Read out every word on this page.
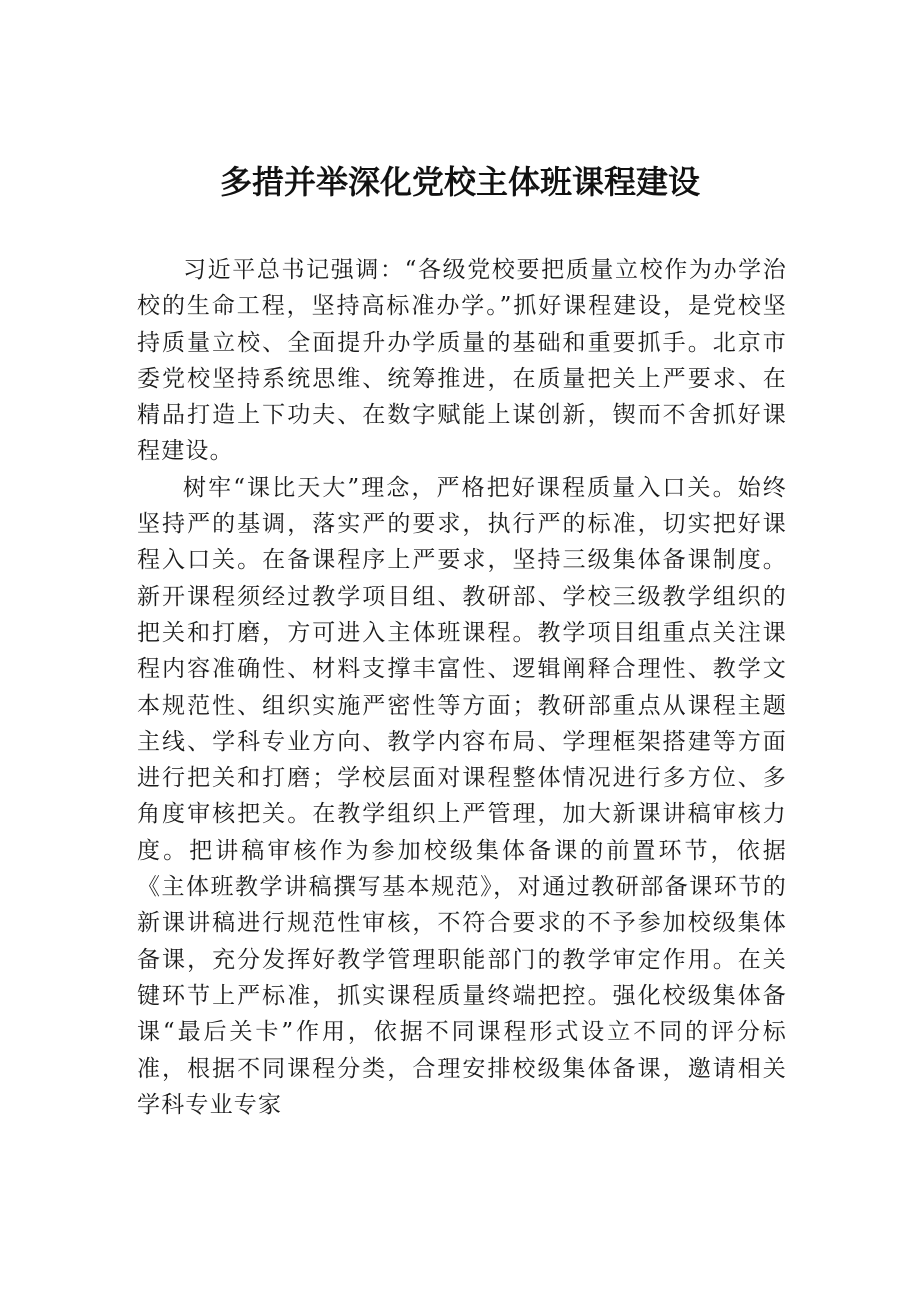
多措并举深化党校主体班课程建设

习近平总书记强调：“各级党校要把质量立校作为办学治校的生命工程，坚持高标准办学。”抓好课程建设，是党校坚持质量立校、全面提升办学质量的基础和重要抓手。北京市委党校坚持系统思维、统筹推进，在质量把关上严要求、在精品打造上下功夫、在数字赋能上谋创新，锲而不舍抓好课程建设。

树牢“课比天大”理念，严格把好课程质量入口关。始终坚持严的基调，落实严的要求，执行严的标准，切实把好课程入口关。在备课程序上严要求，坚持三级集体备课制度。新开课程须经过教学项目组、教研部、学校三级教学组织的把关和打磨，方可进入主体班课程。教学项目组重点关注课程内容准确性、材料支撑丰富性、逻辑阐释合理性、教学文本规范性、组织实施严密性等方面；教研部重点从课程主题主线、学科专业方向、教学内容布局、学理框架搭建等方面进行把关和打磨；学校层面对课程整体情况进行多方位、多角度审核把关。在教学组织上严管理，加大新课讲稿审核力度。把讲稿审核作为参加校级集体备课的前置环节，依据《主体班教学讲稿撰写基本规范》，对通过教研部备课环节的新课讲稿进行规范性审核，不符合要求的不予参加校级集体备课，充分发挥好教学管理职能部门的教学审定作用。在关键环节上严标准，抓实课程质量终端把控。强化校级集体备课“最后关卡”作用，依据不同课程形式设立不同的评分标准，根据不同课程分类，合理安排校级集体备课，邀请相关学科专业专家
